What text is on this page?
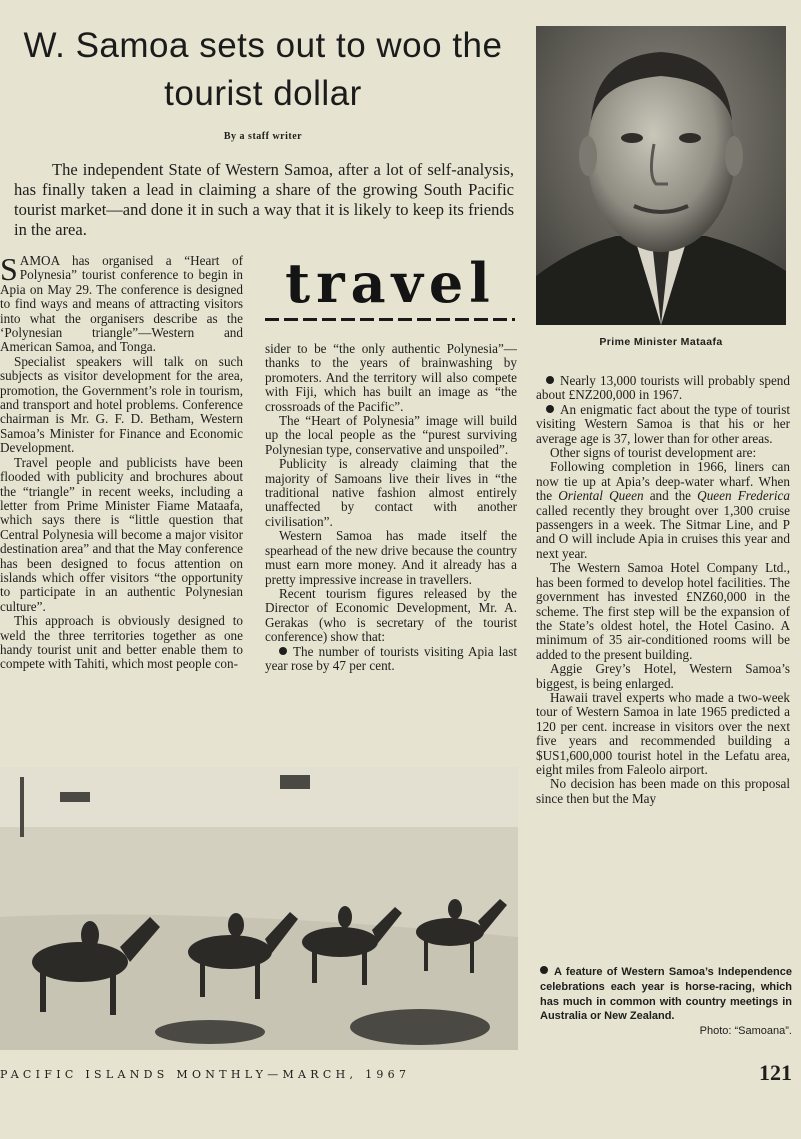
W. Samoa sets out to woo the tourist dollar
By a staff writer

The independent State of Western Samoa, after a lot of self-analysis, has finally taken a lead in claiming a share of the growing South Pacific tourist market—and done it in such a way that it is likely to keep its friends in the area.

SAMOA has organised a “Heart of Polynesia” tourist conference to begin in Apia on May 29. The conference is designed to find ways and means of attracting visitors into what the organisers describe as the ‘Polynesian triangle”—Western and American Samoa, and Tonga.

Specialist speakers will talk on such subjects as visitor development for the area, promotion, the Government’s role in tourism, and transport and hotel problems. Conference chairman is Mr. G. F. D. Betham, Western Samoa’s Minister for Finance and Economic Development.

Travel people and publicists have been flooded with publicity and brochures about the “triangle” in recent weeks, including a letter from Prime Minister Fiame Mataafa, which says there is “little question that Central Polynesia will become a major visitor destination area” and that the May conference has been designed to focus attention on islands which offer visitors “the opportunity to participate in an authentic Polynesian culture”.

This approach is obviously designed to weld the three territories together as one handy tourist unit and better enable them to compete with Tahiti, which most people con-

travel

sider to be “the only authentic Polynesia”—thanks to the years of brainwashing by promoters. And the territory will also compete with Fiji, which has built an image as “the crossroads of the Pacific”.

The “Heart of Polynesia” image will build up the local people as the “purest surviving Polynesian type, conservative and unspoiled”.

Publicity is already claiming that the majority of Samoans live their lives in “the traditional native fashion almost entirely unaffected by contact with another civilisation”.

Western Samoa has made itself the spearhead of the new drive because the country must earn more money. And it already has a pretty impressive increase in travellers.

Recent tourism figures released by the Director of Economic Development, Mr. A. Gerakas (who is secretary of the tourist conference) show that:

The number of tourists visiting Apia last year rose by 47 per cent.

Prime Minister Mataafa

Nearly 13,000 tourists will probably spend about £NZ200,000 in 1967.

An enigmatic fact about the type of tourist visiting Western Samoa is that his or her average age is 37, lower than for other areas.

Other signs of tourist development are:

Following completion in 1966, liners can now tie up at Apia’s deep-water wharf. When the Oriental Queen and the Queen Frederica called recently they brought over 1,300 cruise passengers in a week. The Sitmar Line, and P and O will include Apia in cruises this year and next year.

The Western Samoa Hotel Company Ltd., has been formed to develop hotel facilities. The government has invested £NZ60,000 in the scheme. The first step will be the expansion of the State’s oldest hotel, the Hotel Casino. A minimum of 35 air-conditioned rooms will be added to the present building.

Aggie Grey’s Hotel, Western Samoa’s biggest, is being enlarged.

Hawaii travel experts who made a two-week tour of Western Samoa in late 1965 predicted a 120 per cent. increase in visitors over the next five years and recommended building a $US1,600,000 tourist hotel in the Lefatu area, eight miles from Faleolo airport.

No decision has been made on this proposal since then but the May

A feature of Western Samoa’s Independence celebrations each year is horse-racing, which has much in common with country meetings in Australia or New Zealand.
Photo: “Samoana”.
PACIFIC ISLANDS MONTHLY—MARCH, 1967	121
